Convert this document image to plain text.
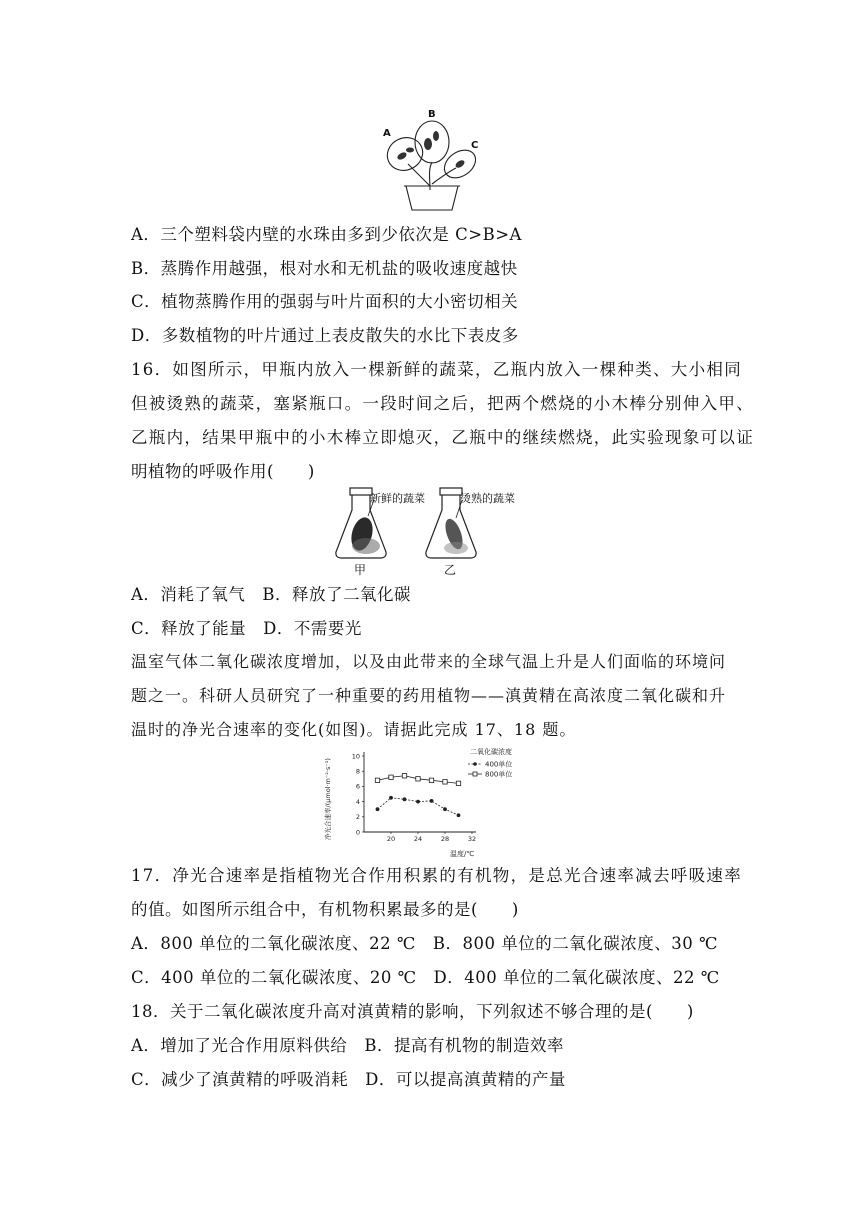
A
B
C
A．三个塑料袋内壁的水珠由多到少依次是 C>B>A
B．蒸腾作用越强，根对水和无机盐的吸收速度越快
C．植物蒸腾作用的强弱与叶片面积的大小密切相关
D．多数植物的叶片通过上表皮散失的水比下表皮多
16．如图所示，甲瓶内放入一棵新鲜的蔬菜，乙瓶内放入一棵种类、大小相同
但被烫熟的蔬菜，塞紧瓶口。一段时间之后，把两个燃烧的小木棒分别伸入甲、
乙瓶内，结果甲瓶中的小木棒立即熄灭，乙瓶中的继续燃烧，此实验现象可以证
明植物的呼吸作用(　　)
新鲜的蔬菜	烫熟的蔬菜
甲	乙
A．消耗了氧气　B．释放了二氧化碳
C．释放了能量　D．不需要光
温室气体二氧化碳浓度增加，以及由此带来的全球气温上升是人们面临的环境问
题之一。科研人员研究了一种重要的药用植物——滇黄精在高浓度二氧化碳和升
温时的净光合速率的变化(如图)。请据此完成 17、18 题。
0
2
4
6
8
10
20	24	28	32
净光合速率/(μmol·m⁻²·s⁻¹)
温度/℃
二氧化碳浓度
400单位
800单位
17．净光合速率是指植物光合作用积累的有机物，是总光合速率减去呼吸速率
的值。如图所示组合中，有机物积累最多的是(　　)
A．800 单位的二氧化碳浓度、22 ℃　B．800 单位的二氧化碳浓度、30 ℃
C．400 单位的二氧化碳浓度、20 ℃　D．400 单位的二氧化碳浓度、22 ℃
18．关于二氧化碳浓度升高对滇黄精的影响，下列叙述不够合理的是(　　)
A．增加了光合作用原料供给　B．提高有机物的制造效率
C．减少了滇黄精的呼吸消耗　D．可以提高滇黄精的产量
